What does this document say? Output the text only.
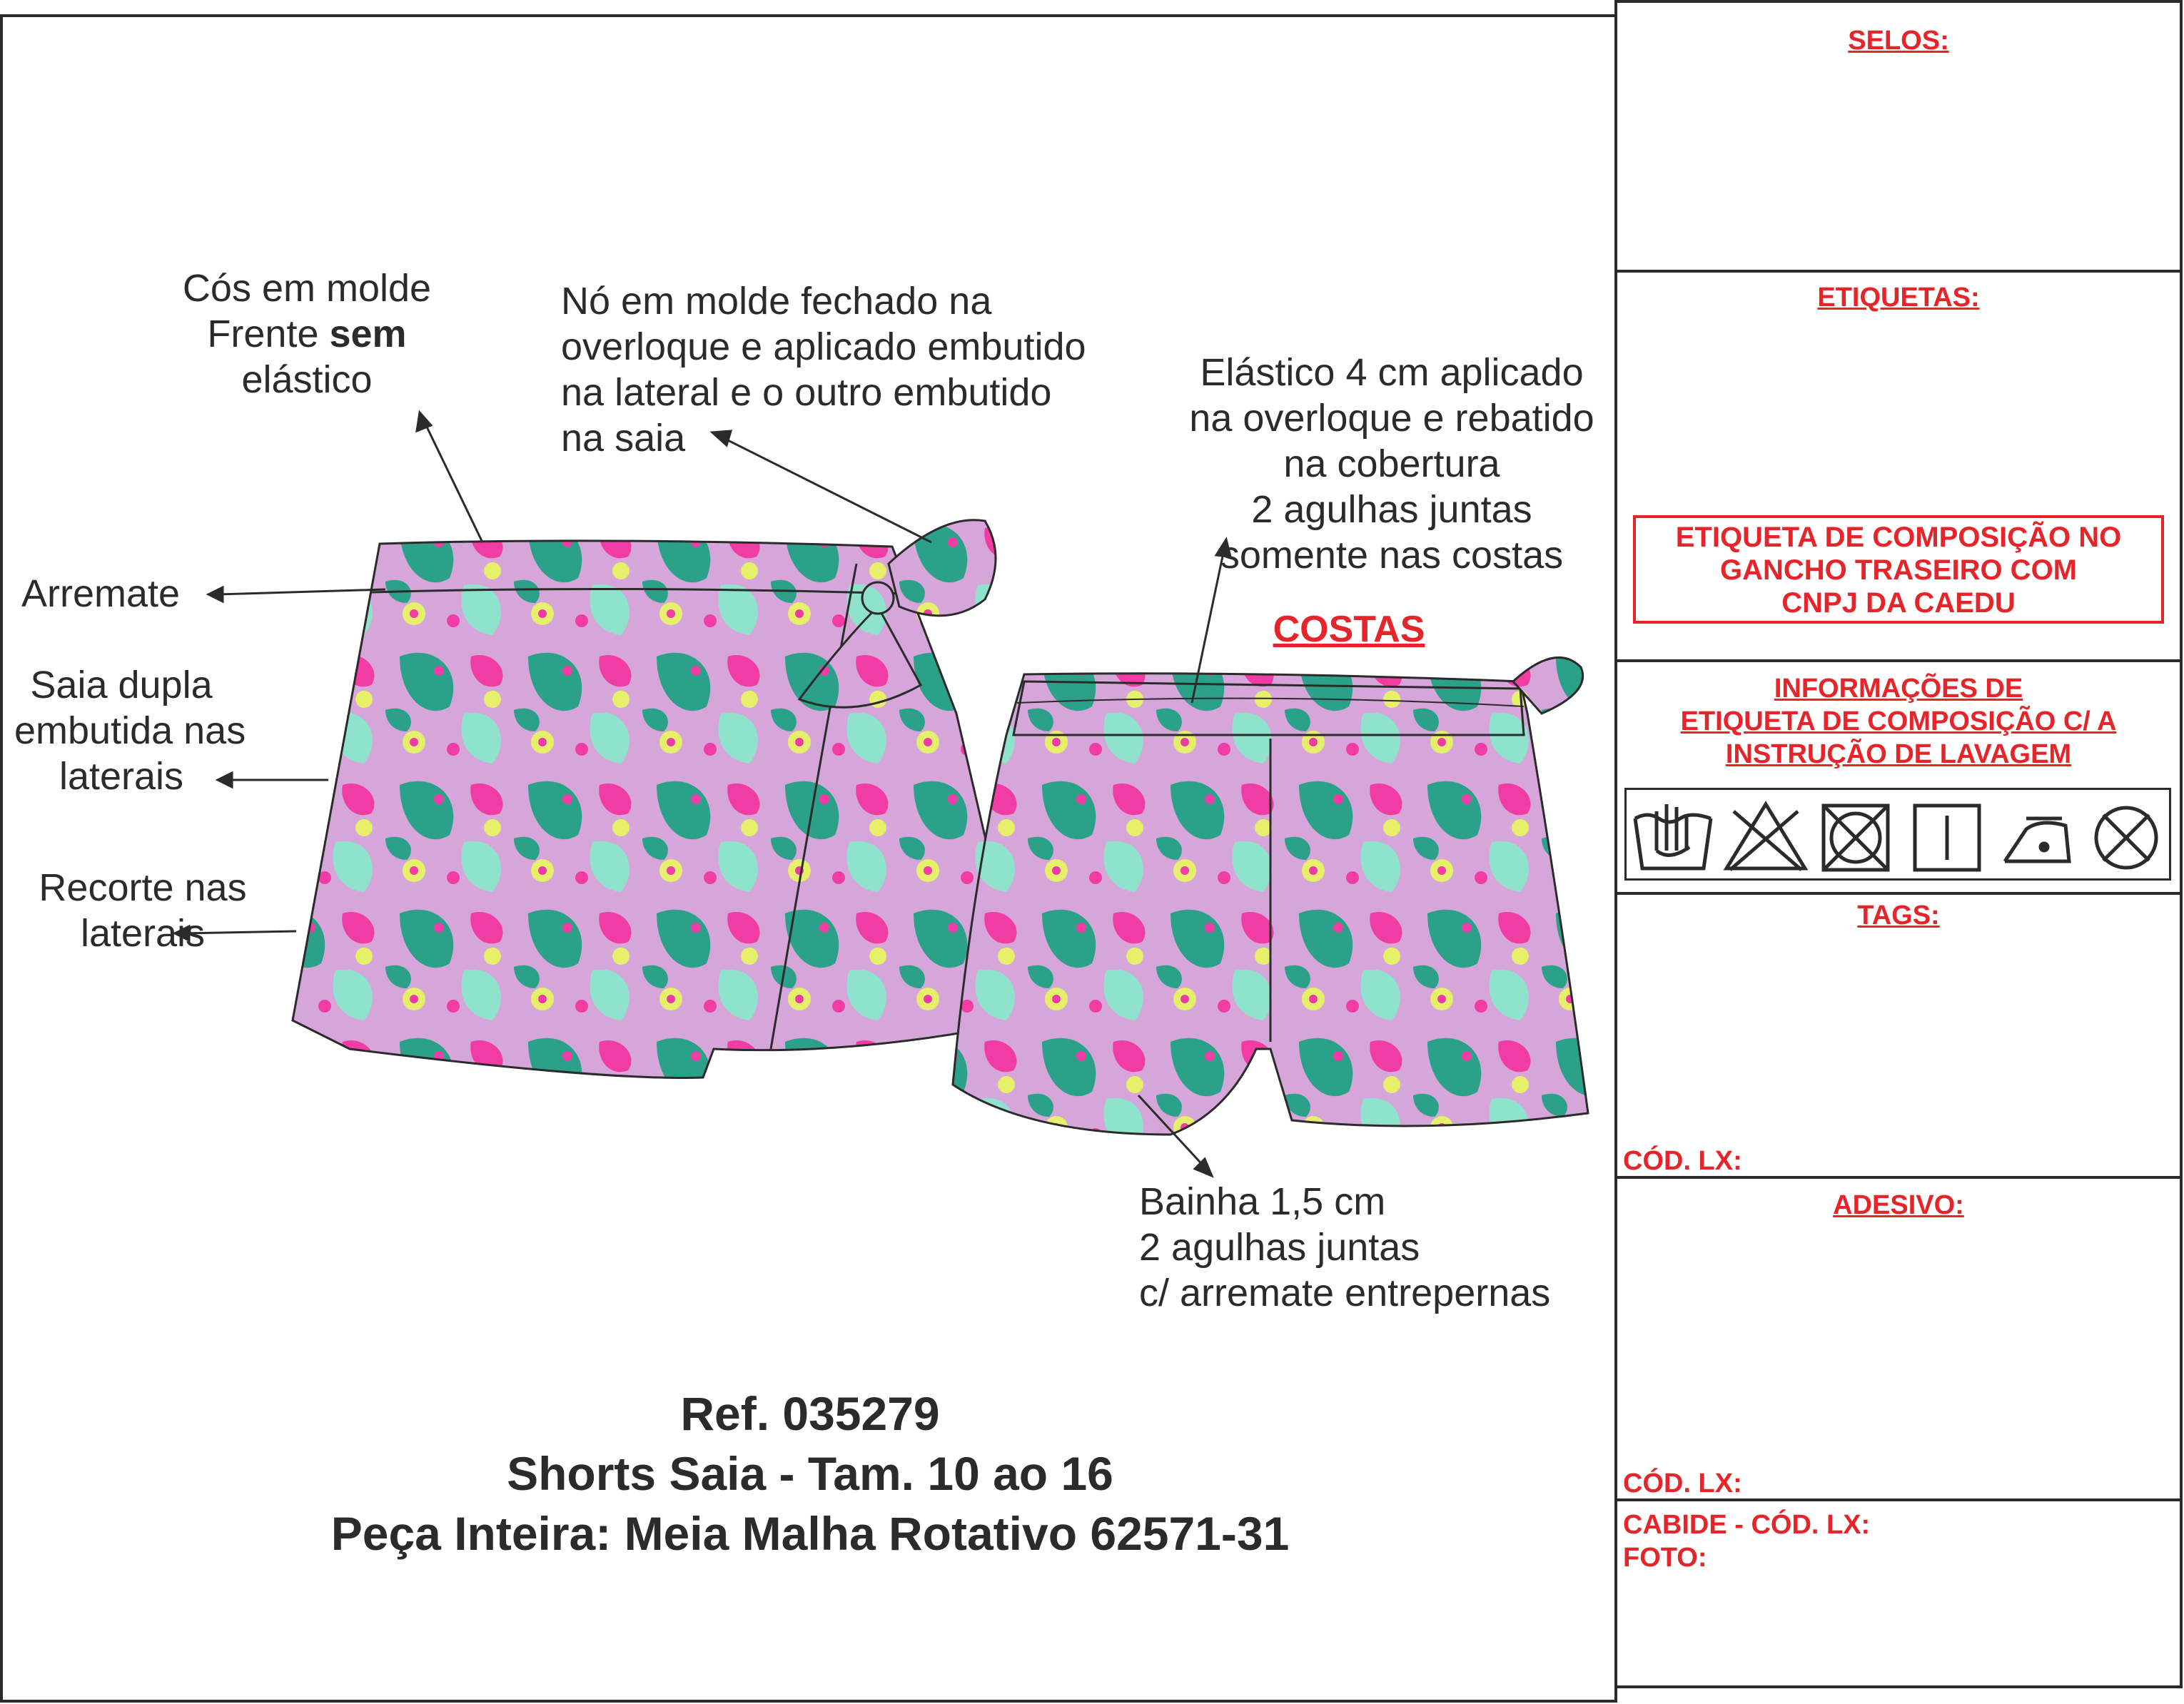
Cós em molde
Frente sem
elástico
Nó em molde fechado na
overloque e aplicado embutido
na lateral e o outro embutido
na saia
Elástico 4 cm aplicado
na overloque e rebatido
na cobertura
2 agulhas juntas
somente nas costas
COSTAS
Arremate
Saia dupla
embutida nas
laterais
Recorte nas
laterais
Bainha 1,5 cm
2 agulhas juntas
c/ arremate entrepernas
Ref. 035279
Shorts Saia - Tam. 10 ao 16
Peça Inteira: Meia Malha Rotativo 62571-31
SELOS:
ETIQUETAS:
ETIQUETA DE COMPOSIÇÃO NO
GANCHO TRASEIRO COM
CNPJ DA CAEDU
INFORMAÇÕES DE
ETIQUETA DE COMPOSIÇÃO C/ A
INSTRUÇÃO DE LAVAGEM
TAGS:
CÓD. LX:
ADESIVO:
CÓD. LX:
CABIDE - CÓD. LX:
FOTO:
